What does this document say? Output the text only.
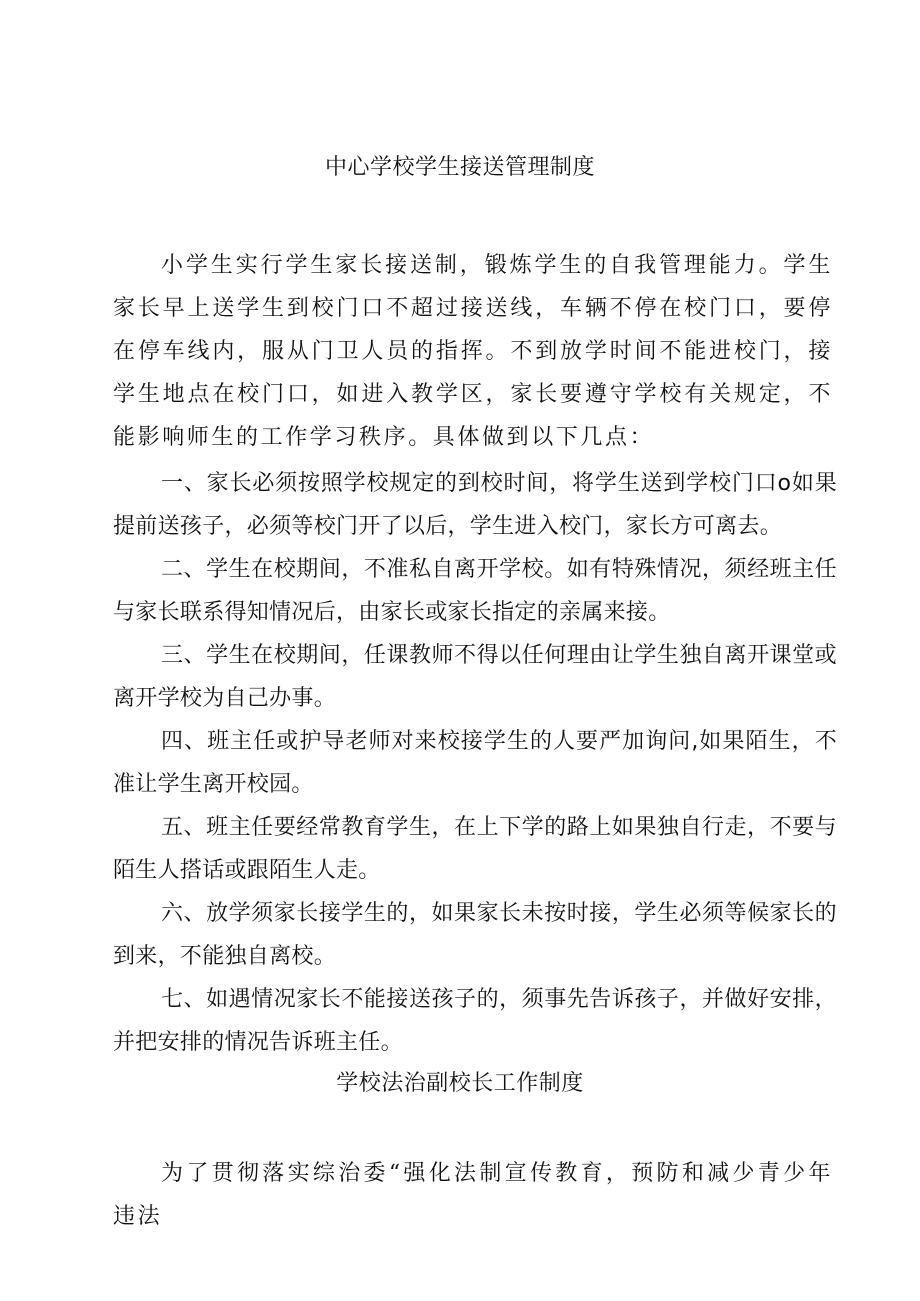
中心学校学生接送管理制度

小学生实行学生家长接送制，锻炼学生的自我管理能力。学生家长早上送学生到校门口不超过接送线，车辆不停在校门口，要停在停车线内，服从门卫人员的指挥。不到放学时间不能进校门，接学生地点在校门口，如进入教学区，家长要遵守学校有关规定，不能影响师生的工作学习秩序。具体做到以下几点：

一、家长必须按照学校规定的到校时间，将学生送到学校门口o如果提前送孩子，必须等校门开了以后，学生进入校门，家长方可离去。
二、学生在校期间，不准私自离开学校。如有特殊情况，须经班主任与家长联系得知情况后，由家长或家长指定的亲属来接。
三、学生在校期间，任课教师不得以任何理由让学生独自离开课堂或离开学校为自己办事。
四、班主任或护导老师对来校接学生的人要严加询问,如果陌生，不准让学生离开校园。
五、班主任要经常教育学生，在上下学的路上如果独自行走，不要与陌生人搭话或跟陌生人走。
六、放学须家长接学生的，如果家长未按时接，学生必须等候家长的到来，不能独自离校。
七、如遇情况家长不能接送孩子的，须事先告诉孩子，并做好安排，并把安排的情况告诉班主任。
学校法治副校长工作制度

为了贯彻落实综治委“强化法制宣传教育，预防和减少青少年违法
